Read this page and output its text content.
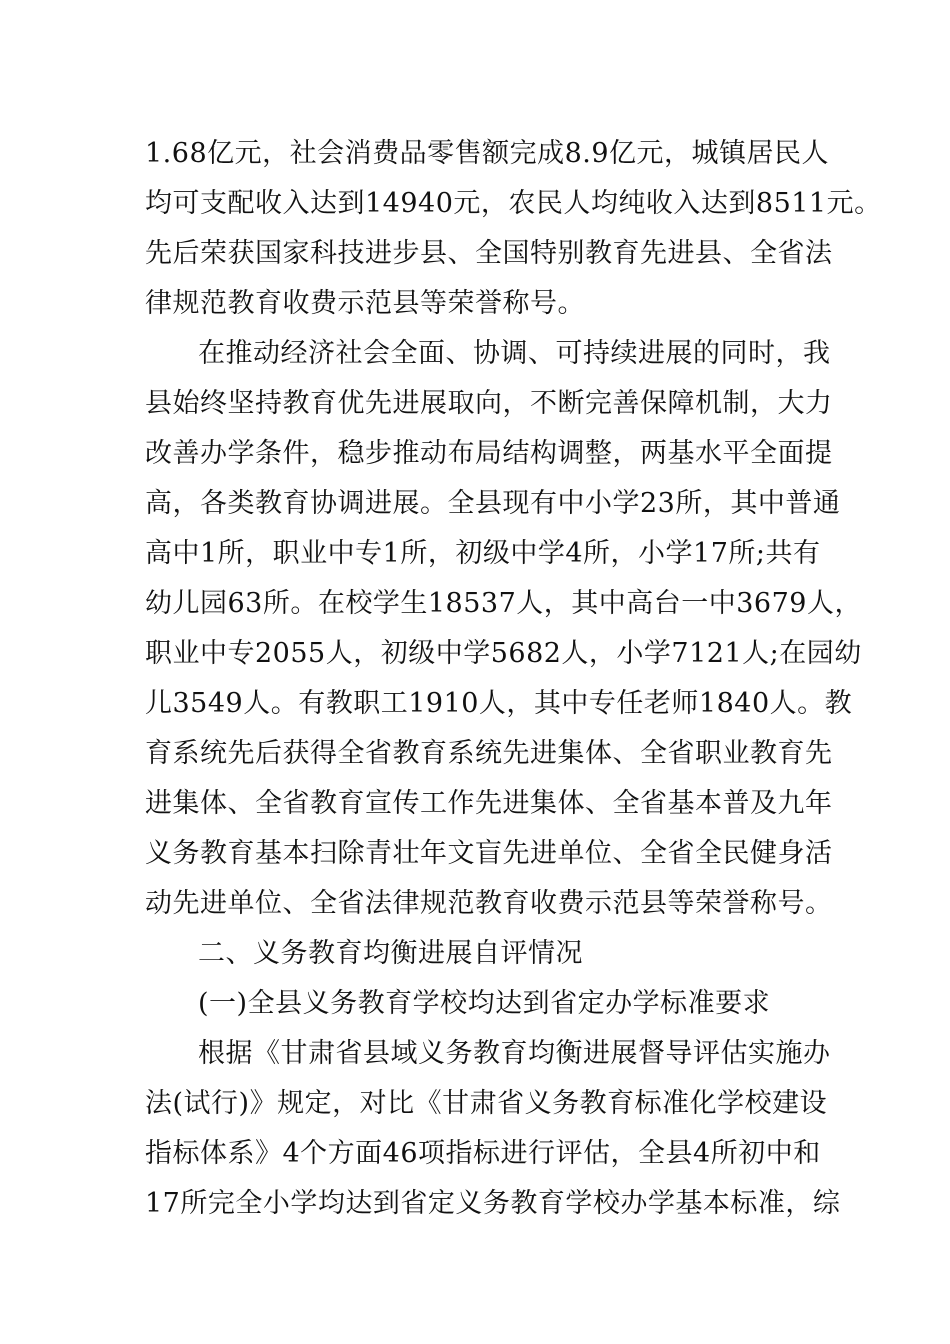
1.68亿元，社会消费品零售额完成8.9亿元，城镇居民人
均可支配收入达到14940元，农民人均纯收入达到8511元。
先后荣获国家科技进步县、全国特别教育先进县、全省法
律规范教育收费示范县等荣誉称号。
在推动经济社会全面、协调、可持续进展的同时，我
县始终坚持教育优先进展取向，不断完善保障机制，大力
改善办学条件，稳步推动布局结构调整，两基水平全面提
高，各类教育协调进展。全县现有中小学23所，其中普通
高中1所，职业中专1所，初级中学4所，小学17所;共有
幼儿园63所。在校学生18537人，其中高台一中3679人，
职业中专2055人，初级中学5682人，小学7121人;在园幼
儿3549人。有教职工1910人，其中专任老师1840人。教
育系统先后获得全省教育系统先进集体、全省职业教育先
进集体、全省教育宣传工作先进集体、全省基本普及九年
义务教育基本扫除青壮年文盲先进单位、全省全民健身活
动先进单位、全省法律规范教育收费示范县等荣誉称号。
二、义务教育均衡进展自评情况
(一)全县义务教育学校均达到省定办学标准要求
根据《甘肃省县域义务教育均衡进展督导评估实施办
法(试行)》规定，对比《甘肃省义务教育标准化学校建设
指标体系》4个方面46项指标进行评估，全县4所初中和
17所完全小学均达到省定义务教育学校办学基本标准，综
